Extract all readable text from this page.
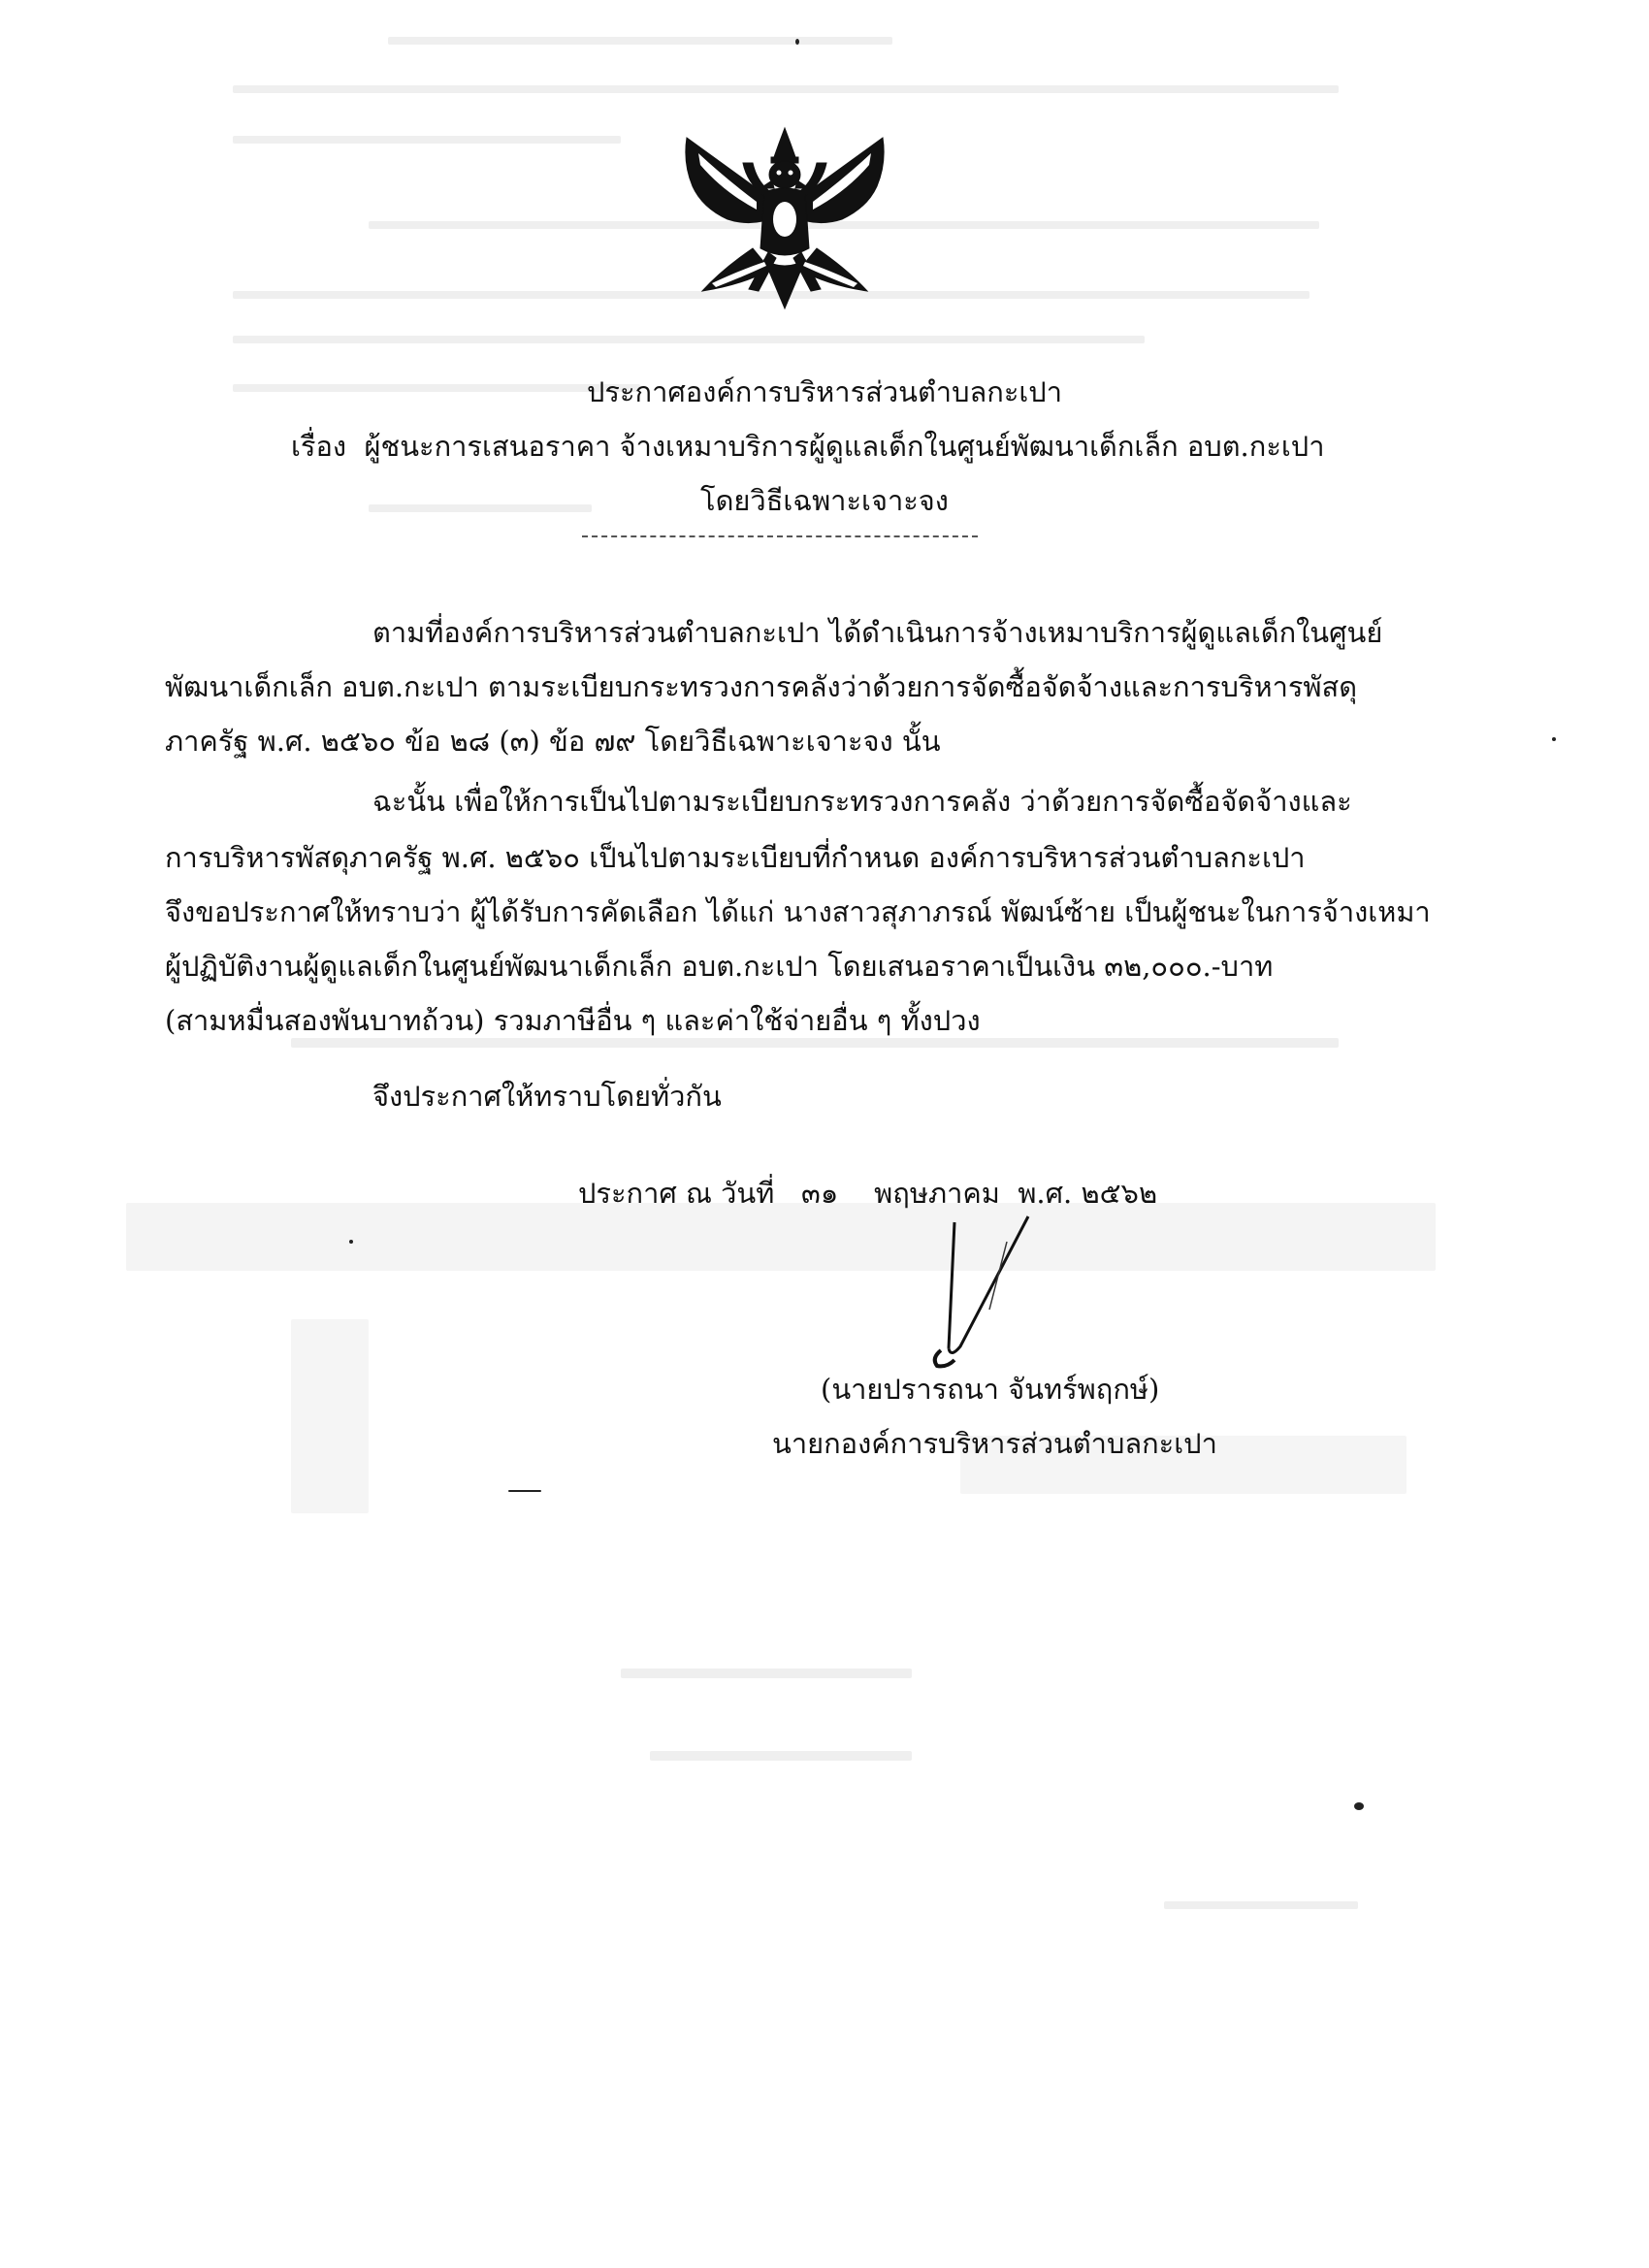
ประกาศองค์การบริหารส่วนตำบลกะเปา
เรื่อง ผู้ชนะการเสนอราคา จ้างเหมาบริการผู้ดูแลเด็กในศูนย์พัฒนาเด็กเล็ก อบต.กะเปา
โดยวิธีเฉพาะเจาะจง
ตามที่องค์การบริหารส่วนตำบลกะเปา ได้ดำเนินการจ้างเหมาบริการผู้ดูแลเด็กในศูนย์
พัฒนาเด็กเล็ก อบต.กะเปา ตามระเบียบกระทรวงการคลังว่าด้วยการจัดซื้อจัดจ้างและการบริหารพัสดุ
ภาครัฐ พ.ศ. ๒๕๖๐ ข้อ ๒๘ (๓) ข้อ ๗๙ โดยวิธีเฉพาะเจาะจง นั้น
ฉะนั้น เพื่อให้การเป็นไปตามระเบียบกระทรวงการคลัง ว่าด้วยการจัดซื้อจัดจ้างและ
การบริหารพัสดุภาครัฐ พ.ศ. ๒๕๖๐ เป็นไปตามระเบียบที่กำหนด องค์การบริหารส่วนตำบลกะเปา
จึงขอประกาศให้ทราบว่า ผู้ได้รับการคัดเลือก ได้แก่ นางสาวสุภาภรณ์ พัฒน์ซ้าย เป็นผู้ชนะในการจ้างเหมา
ผู้ปฏิบัติงานผู้ดูแลเด็กในศูนย์พัฒนาเด็กเล็ก อบต.กะเปา โดยเสนอราคาเป็นเงิน ๓๒,๐๐๐.-บาท
(สามหมื่นสองพันบาทถ้วน) รวมภาษีอื่น ๆ และค่าใช้จ่ายอื่น ๆ ทั้งปวง
จึงประกาศให้ทราบโดยทั่วกัน
ประกาศ ณ วันที่ ๓๑ พฤษภาคม พ.ศ. ๒๕๖๒
(นายปรารถนา จันทร์พฤกษ์)
นายกองค์การบริหารส่วนตำบลกะเปา
